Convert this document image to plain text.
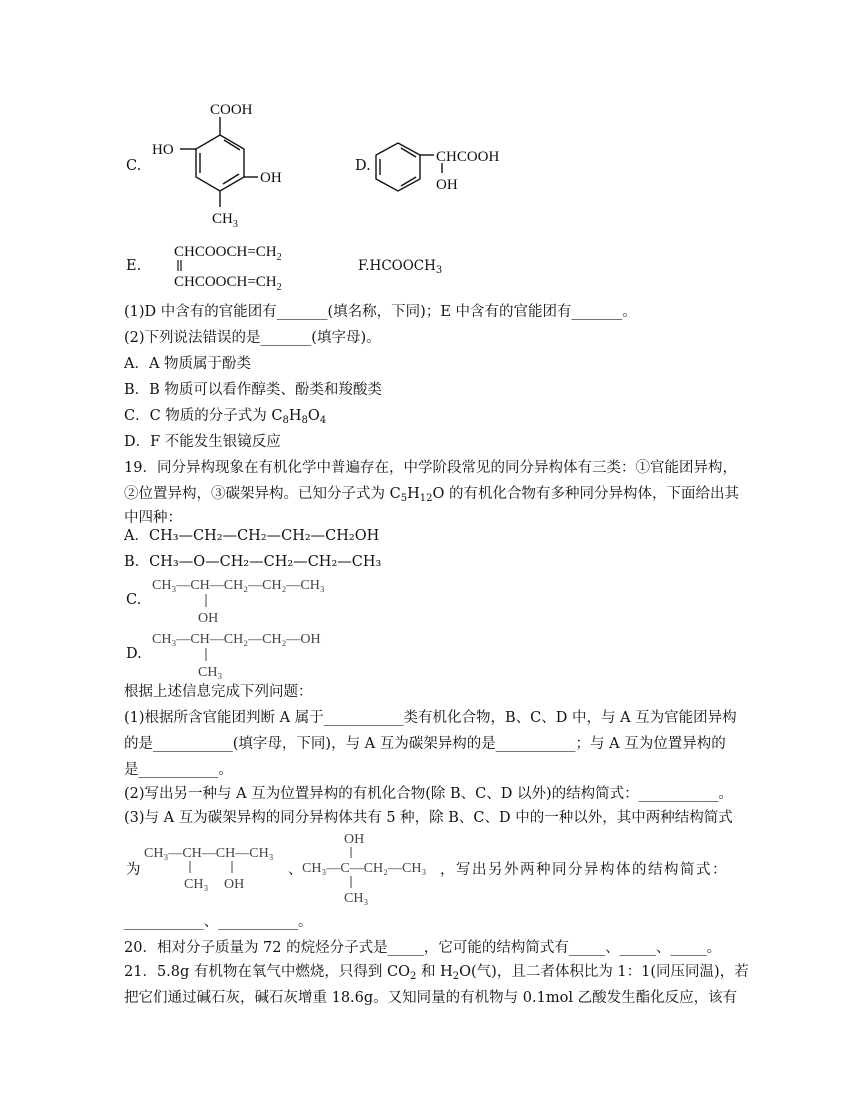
C.
COOH
HO
OH
$CH_3$
D.
CHCOOH
OH
E.
$CHCOOCH=CH_2$
$CHCOOCH=CH_2$
$F.HCOOCH_3$
(1)D 中含有的官能团有_______(填名称，下同)；E 中含有的官能团有_______。
(2)下列说法错误的是_______(填字母)。
A．A 物质属于酚类
B．B 物质可以看作醇类、酚类和羧酸类
C．C 物质的分子式为 $C_8H_8O_4$
D．F 不能发生银镜反应
19．同分异构现象在有机化学中普遍存在，中学阶段常见的同分异构体有三类：①官能团异构，
②位置异构，③碳架异构。已知分子式为 $C_5H_{12}O$ 的有机化合物有多种同分异构体，下面给出其
中四种：
A．CH₃—CH₂—CH₂—CH₂—CH₂OH
B．CH₃—O—CH₂—CH₂—CH₂—CH₃
C.
CH₃—CH—CH₂—CH₂—CH₃
OH
D.
CH₃—CH—CH₂—CH₂—OH
CH₃
根据上述信息完成下列问题：
(1)根据所含官能团判断 A 属于___________类有机化合物，B、C、D 中，与 A 互为官能团异构
的是___________(填字母，下同)，与 A 互为碳架异构的是___________；与 A 互为位置异构的
是___________。
(2)写出另一种与 A 互为位置异构的有机化合物(除 B、C、D 以外)的结构简式：___________。
(3)与 A 互为碳架异构的同分异构体共有 5 种，除 B、C、D 中的一种以外，其中两种结构简式
为
CH₃—CH—CH—CH₃
CH₃ OH
、
OH
CH₃—C—CH₂—CH₃
CH₃
，写出另外两种同分异构体的结构简式：
___________、___________。
20．相对分子质量为 72 的烷烃分子式是_____，它可能的结构简式有_____、_____、_____。
21．5.8g 有机物在氧气中燃烧，只得到 $CO_2$ 和 $H_2O$(气)，且二者体积比为 1：1(同压同温)，若
把它们通过碱石灰，碱石灰增重 18.6g。又知同量的有机物与 0.1mol 乙酸发生酯化反应，该有
